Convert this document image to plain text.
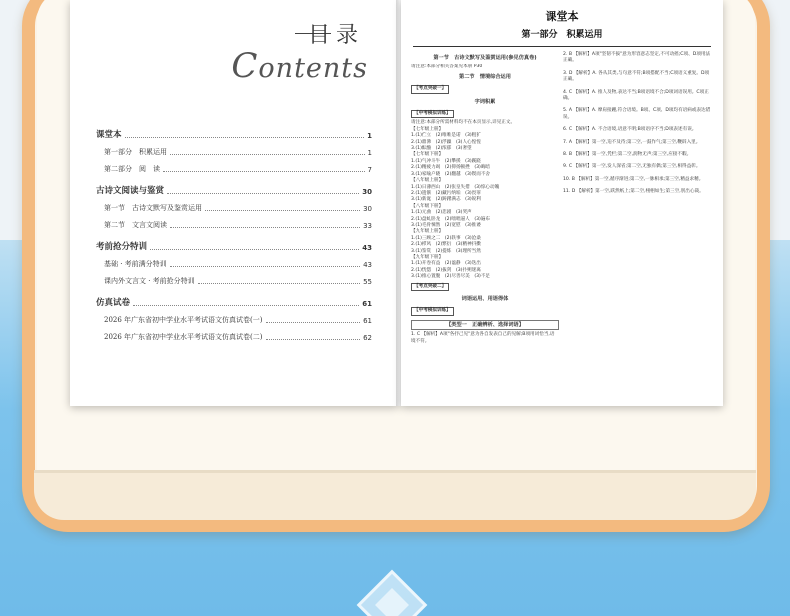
目录
Contents
课堂本	1
第一部分　积累运用	1
第二部分　阅　读	7
古诗文阅读与鉴赏	30
第一节　古诗文默写及鉴赏运用	30
第二节　文言文阅读	33
考前抢分特训	43
基础 · 考前满分特训	43
课内外文言文 · 考前抢分特训	55
仿真试卷	61
2026 年广东省初中学业水平考试语文仿真试卷(一)	61
2026 年广东省初中学业水平考试语文仿真试卷(二)	62
课堂本
第一部分　积累运用
第一节　古诗文默写及鉴赏运用(参见仿真卷)
请注意:本部分相关答案见本册 P30
第二节　情境综合运用
【考点突破一】
字词积累
【中考模拟训练】
请注意:本部分所需材料均不在本页显示,详见正文。
【七年级上册】
1.(1)伫立　(2)唯唯是诺　(3)粗犷
2.(1)鼎沸　(2)浮躁　(3)人心惶惶
3.(1)酝酿　(2)浓郁　(3)奢望
【七年级下册】
1.(1)气冲斗牛　(2)攀援　(3)蹊跷
2.(1)精疲力竭　(2)抑扬顿挫　(3)晦暗
3.(1)家喻户晓　(2)翻越　(3)锲而不舍
【八年级上册】
1.(1)日薄西山　(2)张皇失措　(3)惊心动魄
2.(1)遗骸　(2)藏污纳垢　(3)畏罪
3.(1)新诞　(2)踌躇满志　(3)锐利
【八年级下册】
1.(1)元曲　(2)悲剧　(3)哭声
2.(1)盘虬卧龙　(2)咄咄逼人　(3)遍布
3.(1)毛骨悚然　(2)宽慰　(3)推诿
【九年级上册】
1.(1)三顾之二　(2)轶事　(3)沧桑
2.(1)栉风　(2)繁衍　(3)精神抖擞
3.(1)鉴赏　(2)提炼　(3)理所当然
【九年级下册】
1.(1)开卷有益　(2)谧静　(3)迭出
2.(1)恍惚　(2)拔剑　(3)扑朔迷离
3.(1)推心置腹　(2)尽善尽美　(3)不足
【考点突破二】
词语运用、用语得体
【中考模拟训练】
【类型一　正确辨析、选择词语】
1. C 【解析】A项"各抒己见"意为各自发表自己的见解;B项用词恰当,语境不符。
2. B 【解析】A项"坚韧不拔"意为形容意志坚定,不可动摇;C项、D项用法正确。
3. D 【解析】A. 各从其类,与句意不符;B项搭配不当;C项语义重复。D项正确。
4. C 【解析】A. 推人及物,表达不当;B项语境不合;D项词语误用。C项正确。
5. A 【解析】A. 摩肩接踵,符合语境。B项、C项、D项均有语病或表达错误。
6. C 【解析】A. 不合语境,语意不明;B项语序不当;D项表述有误。
7. A 【解析】第一空,迫不及待;第二空,一鼓作气;第三空,鞭辟入里。
8. B 【解析】第一空,凭栏;第二空,润物无声;第三空,应接不暇。
9. C 【解析】第一空,发人深省;第二空,无独有偶;第三空,相得益彰。
10. B 【解析】第一空,循序渐进;第二空,一脉相承;第三空,精益求精。
11. D 【解析】第一空,跃然纸上;第二空,栩栩如生;第三空,别出心裁。
